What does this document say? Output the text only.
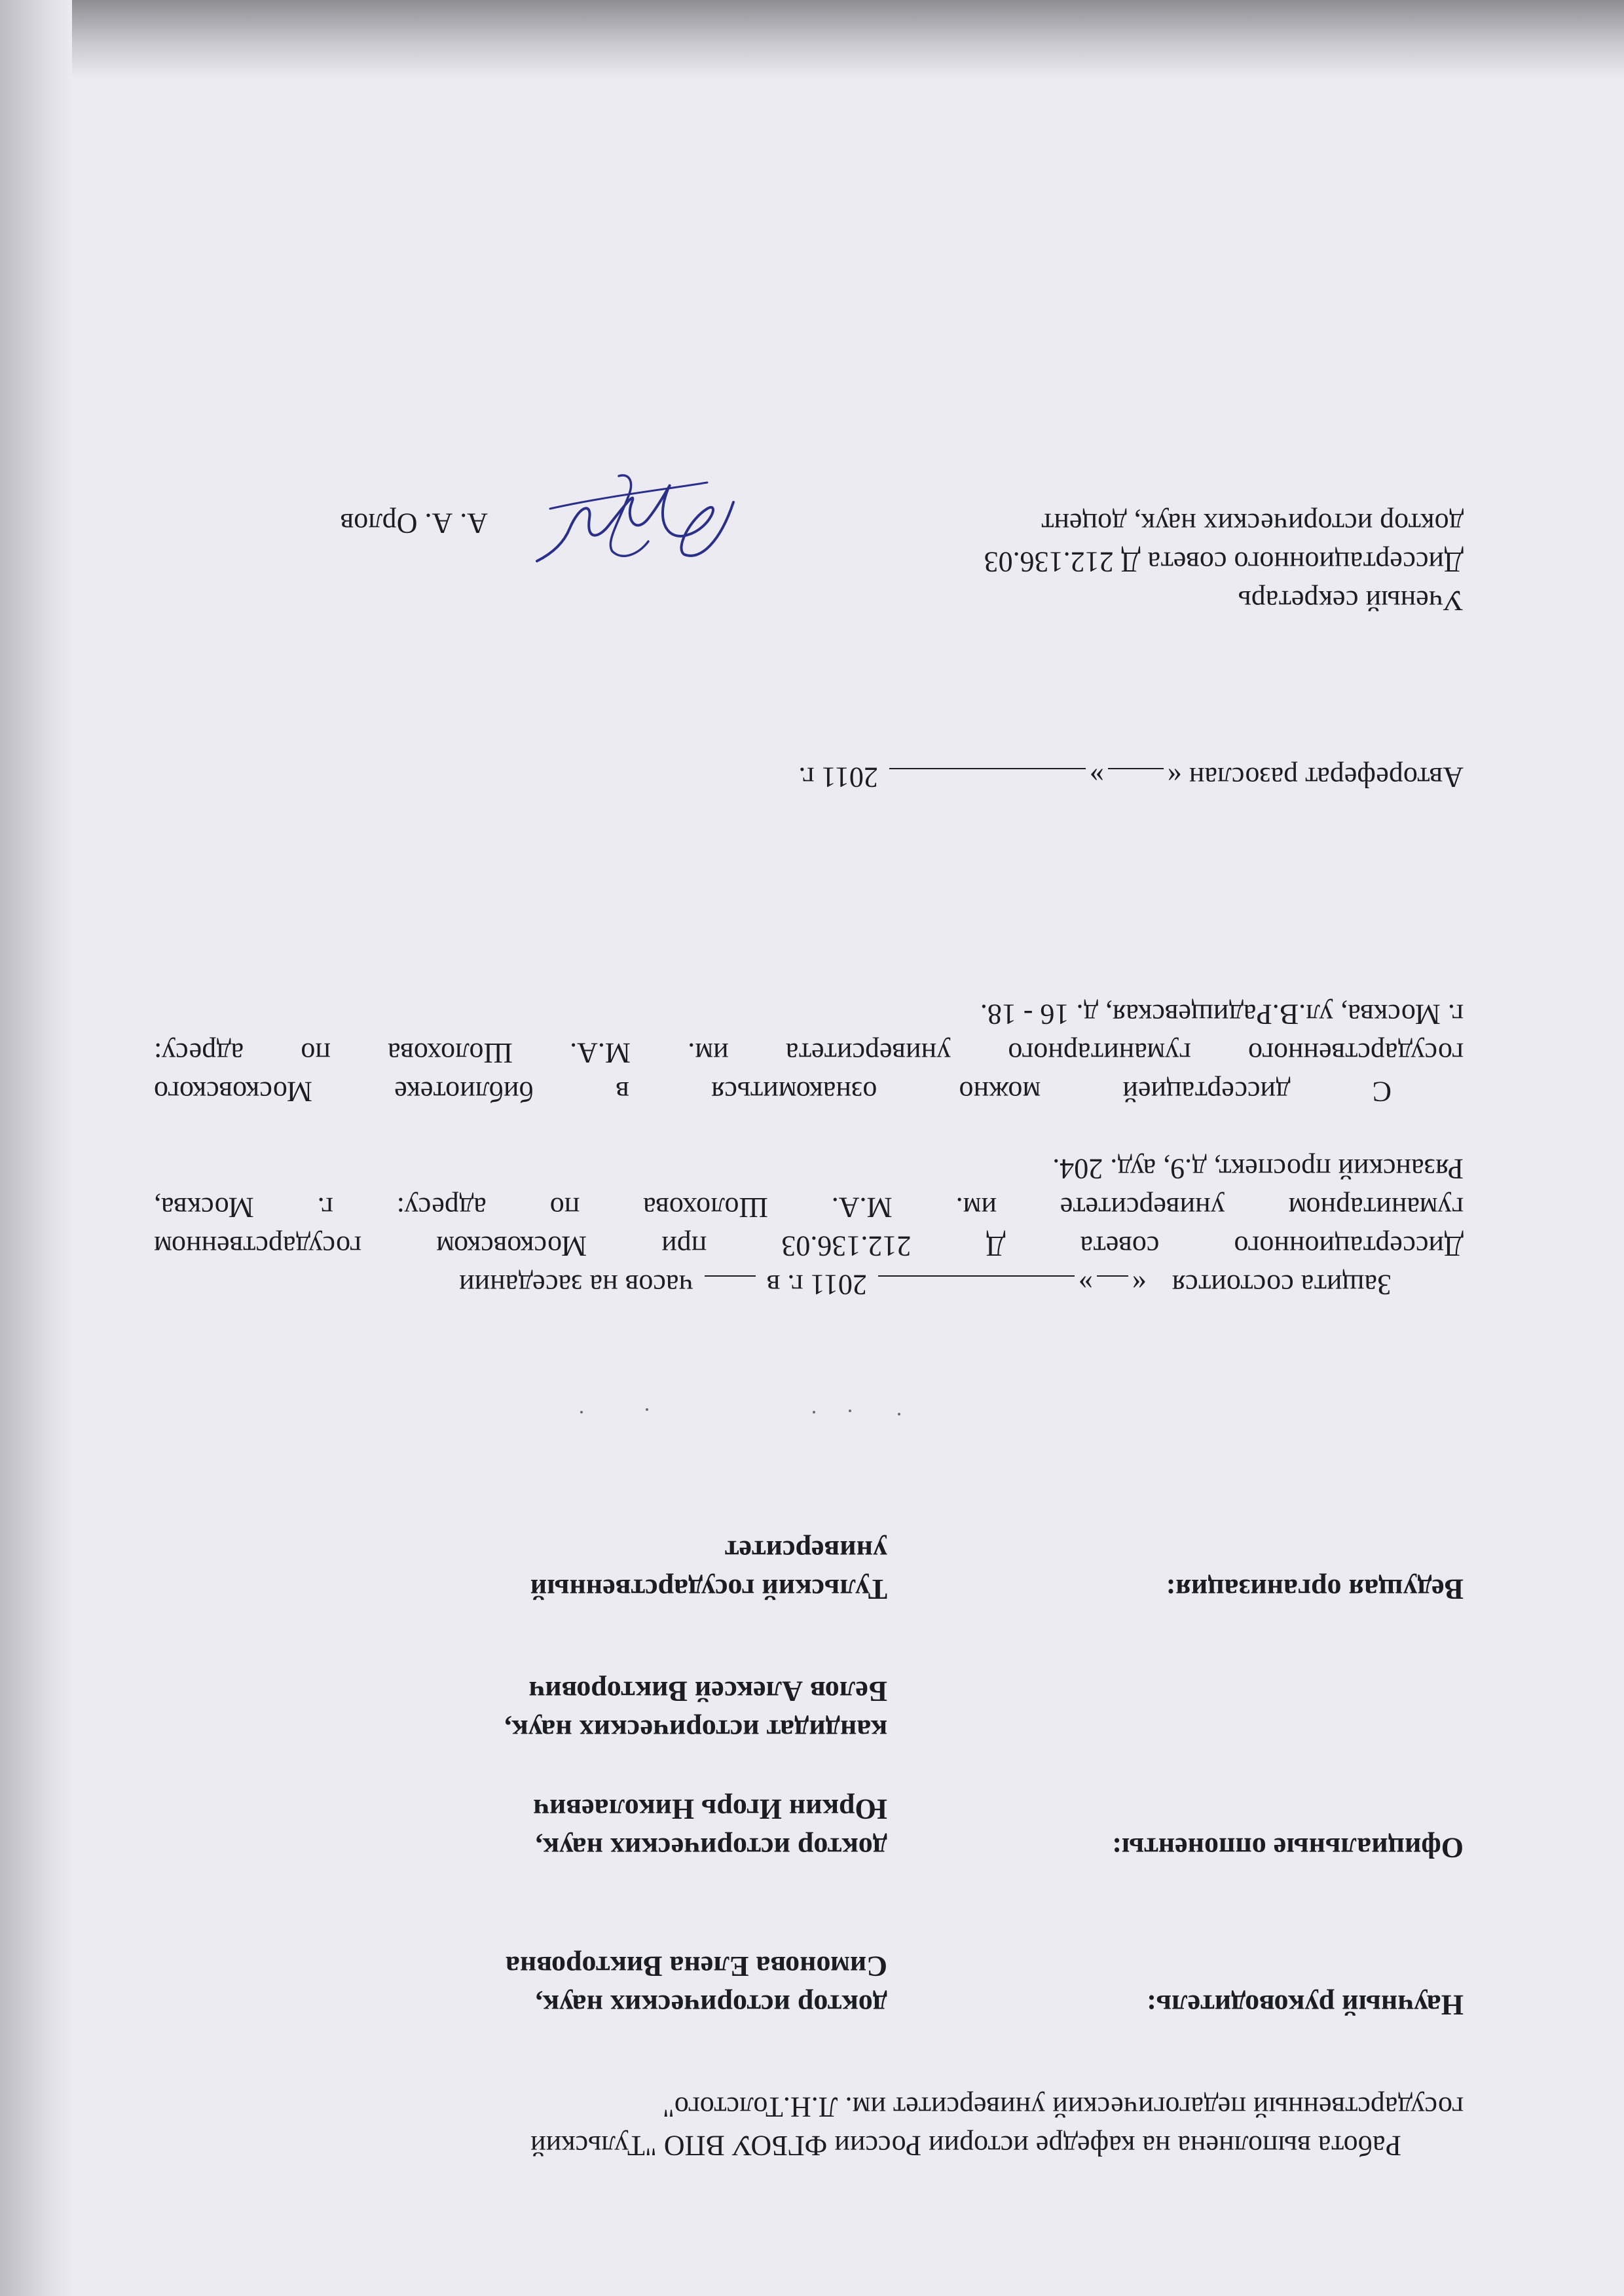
Работа выполнена на кафедре истории России ФГБОУ ВПО "Тульский
государственный педагогический университет им. Л.Н.Толстого"
Научный руководитель:
доктор исторических наук,
Симонова Елена Викторовна
Официальные оппоненты:
доктор исторических наук,
Юркин Игорь Николаевич
кандидат исторических наук,
Белов Алексей Викторович
Ведущая организация:
Тульский государственный
университет
Защита состоится «» 2011 г. в  часов на заседании
Диссертационного совета Д 212.136.03 при Московском государственном
гуманитарном университете им. М.А. Шолохова по адресу: г. Москва,
Рязанский проспект, д.9, ауд. 204.
С диссертацией можно ознакомиться в библиотеке Московского
государственного гуманитарного университета им. М.А. Шолохова по адресу:
г. Москва, ул.В.Радищевская, д. 16 - 18.
Автореферат разослан «» 2011 г.
Ученый секретарь
Диссертационного совета Д 212.136.03
доктор исторических наук, доцент
А. А. Орлов
